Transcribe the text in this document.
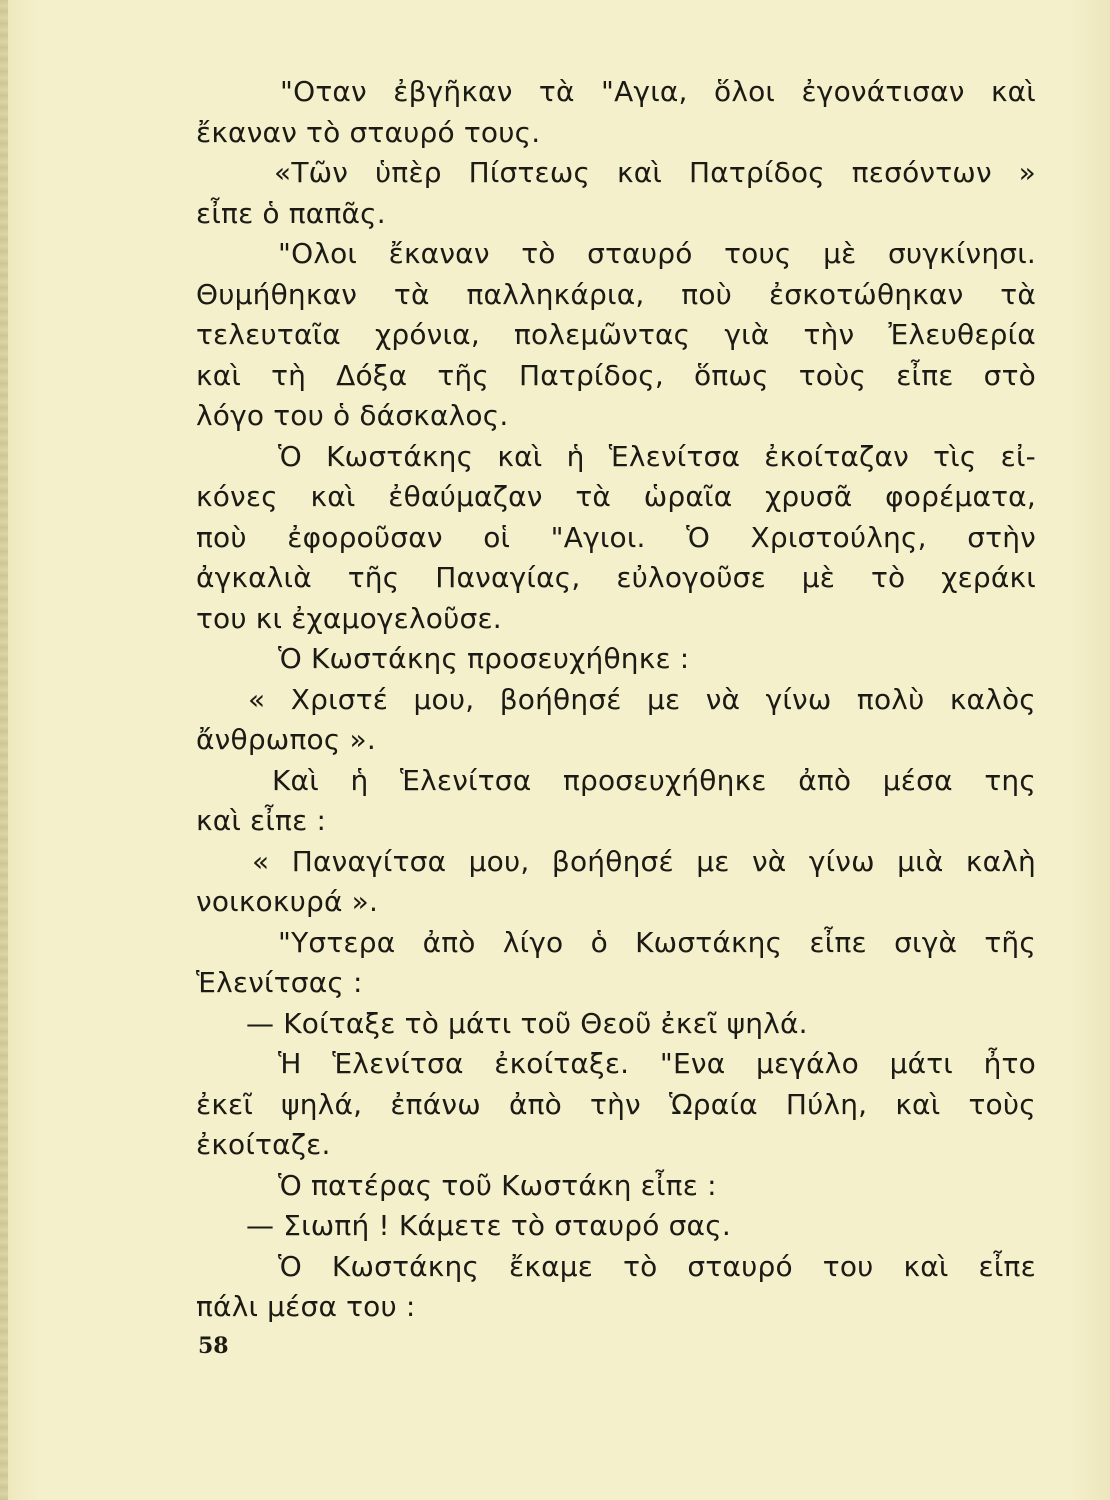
"Οταν ἐβγῆκαν τὰ "Αγια, ὅλοι ἐγονάτισαν καὶ
ἔκαναν τὸ σταυρό τους.
«Τῶν ὑπὲρ Πίστεως καὶ Πατρίδος πεσόντων »
εἶπε ὁ παπᾶς.
"Ολοι ἔκαναν τὸ σταυρό τους μὲ συγκίνησι.
Θυμήθηκαν τὰ παλληκάρια, ποὺ ἐσκοτώθηκαν τὰ
τελευταῖα χρόνια, πολεμῶντας γιὰ τὴν Ἐλευθερία
καὶ τὴ Δόξα τῆς Πατρίδος, ὅπως τοὺς εἶπε στὸ
λόγο του ὁ δάσκαλος.
Ὁ Κωστάκης καὶ ἡ Ἑλενίτσα ἐκοίταζαν τὶς εἰ-
κόνες καὶ ἐθαύμαζαν τὰ ὡραῖα χρυσᾶ φορέματα,
ποὺ ἐφοροῦσαν οἱ "Αγιοι. Ὁ Χριστούλης, στὴν
ἀγκαλιὰ τῆς Παναγίας, εὐλογοῦσε μὲ τὸ χεράκι
του κι ἐχαμογελοῦσε.
Ὁ Κωστάκης προσευχήθηκε :
« Χριστέ μου, βοήθησέ με νὰ γίνω πολὺ καλὸς
ἄνθρωπος ».
Καὶ ἡ Ἑλενίτσα προσευχήθηκε ἀπὸ μέσα της
καὶ εἶπε :
« Παναγίτσα μου, βοήθησέ με νὰ γίνω μιὰ καλὴ
νοικοκυρά ».
"Υστερα ἀπὸ λίγο ὁ Κωστάκης εἶπε σιγὰ τῆς
Ἑλενίτσας :
— Κοίταξε τὸ μάτι τοῦ Θεοῦ ἐκεῖ ψηλά.
Ἡ Ἑλενίτσα ἐκοίταξε. "Ενα μεγάλο μάτι ἦτο
ἐκεῖ ψηλά, ἐπάνω ἀπὸ τὴν Ὡραία Πύλη, καὶ τοὺς
ἐκοίταζε.
Ὁ πατέρας τοῦ Κωστάκη εἶπε :
— Σιωπή ! Κάμετε τὸ σταυρό σας.
Ὁ Κωστάκης ἔκαμε τὸ σταυρό του καὶ εἶπε
πάλι μέσα του :
58
